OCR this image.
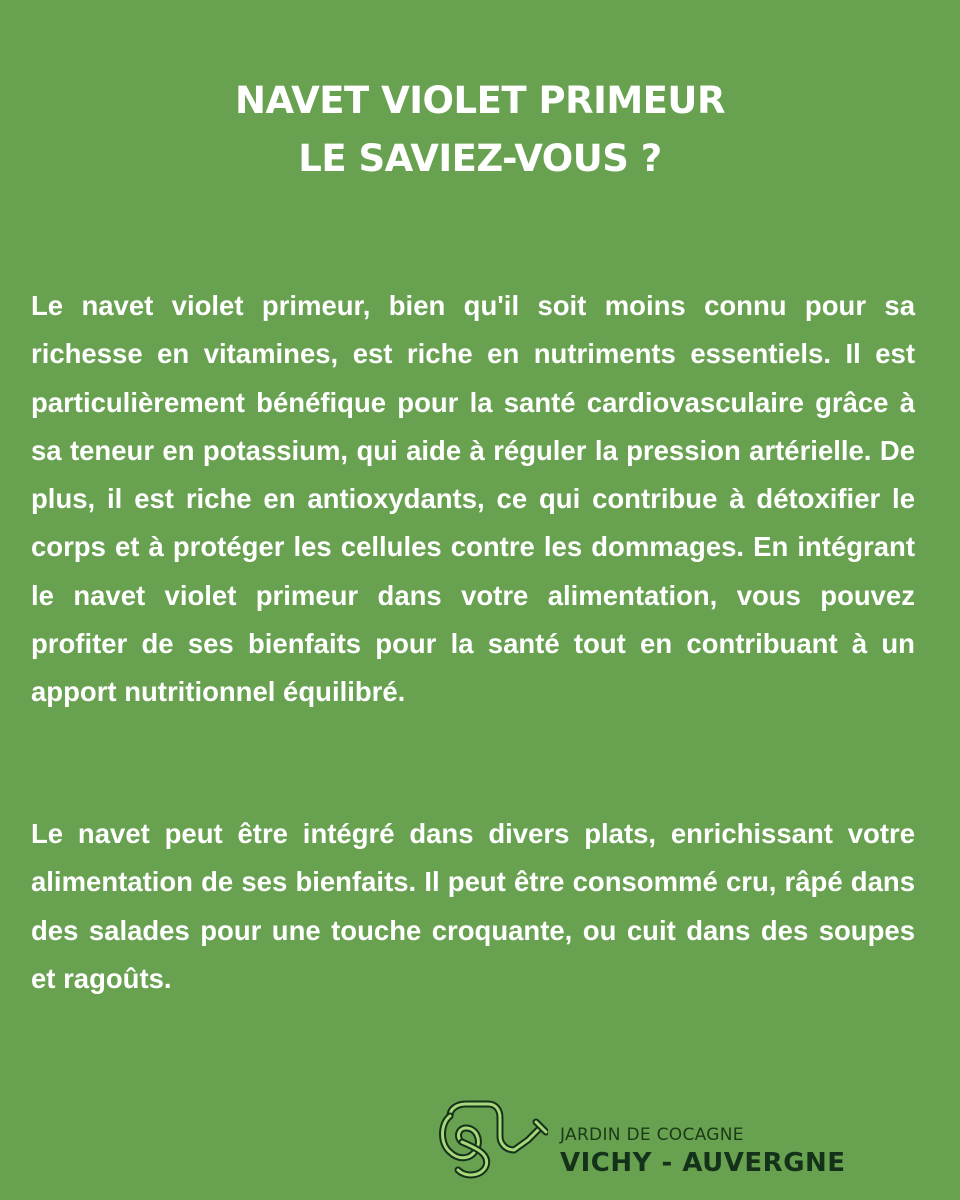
NAVET VIOLET PRIMEUR
LE SAVIEZ-VOUS ?

Le navet violet primeur, bien qu'il soit moins connu pour sa richesse en vitamines, est riche en nutriments essentiels. Il est particulièrement bénéfique pour la santé cardiovasculaire grâce à sa teneur en potassium, qui aide à réguler la pression artérielle. De plus, il est riche en antioxydants, ce qui contribue à détoxifier le corps et à protéger les cellules contre les dommages. En intégrant le navet violet primeur dans votre alimentation, vous pouvez profiter de ses bienfaits pour la santé tout en contribuant à un apport nutritionnel équilibré.

Le navet peut être intégré dans divers plats, enrichissant votre alimentation de ses bienfaits. Il peut être consommé cru, râpé dans des salades pour une touche croquante, ou cuit dans des soupes et ragoûts.

JARDIN DE COCAGNE
VICHY - AUVERGNE
